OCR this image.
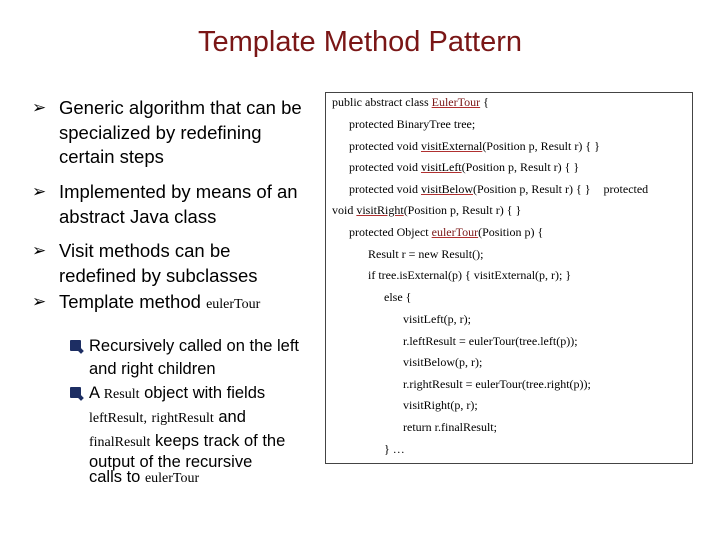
Template Method Pattern
➢ Generic algorithm that can be specialized by redefining certain steps
➢ Implemented by means of an abstract Java class
➢ Visit methods can be redefined by subclasses
➢ Template method eulerTour
Recursively called on the left and right children
A Result object with fields
leftResult, rightResult and
finalResult keeps track of the
output of the recursive
calls to eulerTour
public abstract class EulerTour {
protected BinaryTree tree;
protected void visitExternal(Position p, Result r) { }
protected void visitLeft(Position p, Result r) { }
protected void visitBelow(Position p, Result r) { } protected
void visitRight(Position p, Result r) { }
protected Object eulerTour(Position p) {
Result r = new Result();
if tree.isExternal(p) { visitExternal(p, r); }
else {
visitLeft(p, r);
r.leftResult = eulerTour(tree.left(p));
visitBelow(p, r);
r.rightResult = eulerTour(tree.right(p));
visitRight(p, r);
return r.finalResult;
} …
